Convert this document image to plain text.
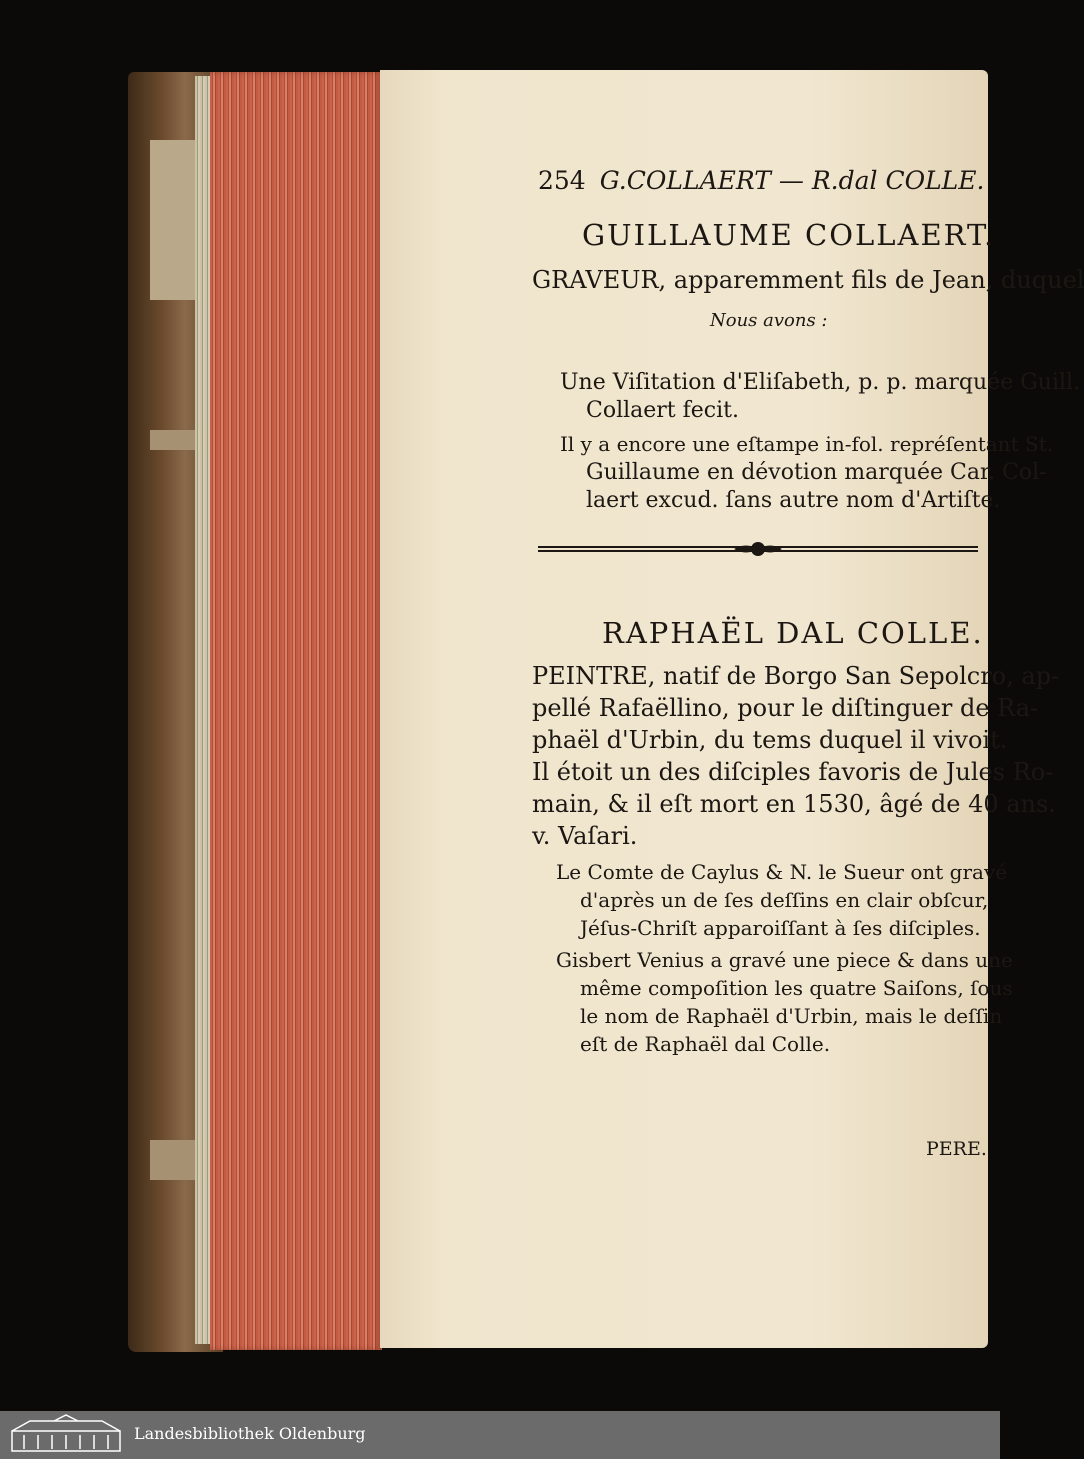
254 G.COLLAERT — R.dal COLLE.
GUILLAUME COLLAERT.
GRAVEUR, apparemment fils de Jean, duquel
Nous avons :
Une Viſitation d'Eliſabeth, p. p. marquée Guill.
Collaert fecit.
Il y a encore une eſtampe in-fol. repréſentant St.
Guillaume en dévotion marquée Car. Col-
laert excud. ſans autre nom d'Artiſte.
RAPHAËL DAL COLLE.
PEINTRE, natif de Borgo San Sepolcro, ap-
pellé Rafaëllino, pour le diſtinguer de Ra-
phaël d'Urbin, du tems duquel il vivoit.
Il étoit un des diſciples favoris de Jules Ro-
main, & il eſt mort en 1530, âgé de 40 ans.
v. Vaſari.
Le Comte de Caylus & N. le Sueur ont gravé
d'après un de ſes deſſins en clair obſcur,
Jéſus-Chriſt apparoiſſant à ſes diſciples.
Gisbert Venius a gravé une piece & dans une
même compoſition les quatre Saiſons, ſous
le nom de Raphaël d'Urbin, mais le deſſin
eſt de Raphaël dal Colle.
PERE.
Landesbibliothek Oldenburg
